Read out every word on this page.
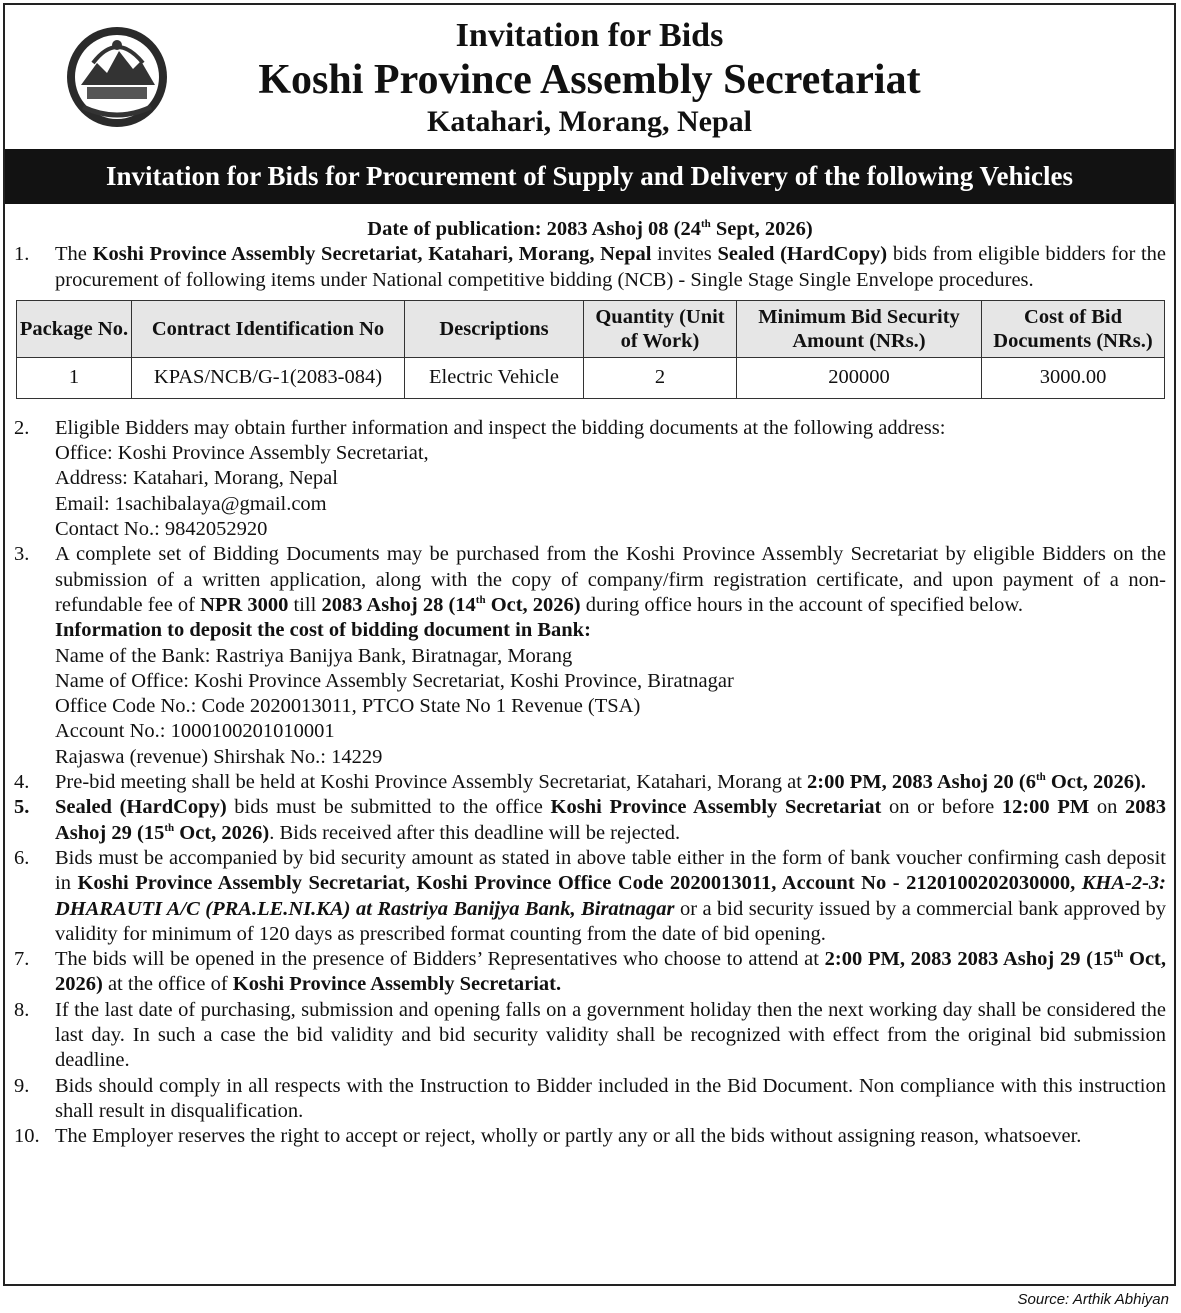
Invitation for Bids
Koshi Province Assembly Secretariat
Katahari, Morang, Nepal
Invitation for Bids for Procurement of Supply and Delivery of the following Vehicles
Date of publication: 2083 Ashoj 08 (24th Sept, 2026)
1.	The Koshi Province Assembly Secretariat, Katahari, Morang, Nepal invites Sealed (HardCopy) bids from eligible bidders for the procurement of following items under National competitive bidding (NCB) - Single Stage Single Envelope procedures.
Package No.	Contract Identification No	Descriptions	Quantity (Unit of Work)	Minimum Bid Security Amount (NRs.)	Cost of Bid Documents (NRs.)
1	KPAS/NCB/G-1(2083-084)	Electric Vehicle	2	200000	3000.00
2.	Eligible Bidders may obtain further information and inspect the bidding documents at the following address:
Office: Koshi Province Assembly Secretariat,
Address: Katahari, Morang, Nepal
Email: 1sachibalaya@gmail.com
Contact No.: 9842052920
3.	A complete set of Bidding Documents may be purchased from the Koshi Province Assembly Secretariat by eligible Bidders on the submission of a written application, along with the copy of company/firm registration certificate, and upon payment of a non-refundable fee of NPR 3000 till 2083 Ashoj 28 (14th Oct, 2026) during office hours in the account of specified below.
Information to deposit the cost of bidding document in Bank:
Name of the Bank: Rastriya Banijya Bank, Biratnagar, Morang
Name of Office: Koshi Province Assembly Secretariat, Koshi Province, Biratnagar
Office Code No.: Code 2020013011, PTCO State No 1 Revenue (TSA)
Account No.: 1000100201010001
Rajaswa (revenue) Shirshak No.: 14229
4.	Pre-bid meeting shall be held at Koshi Province Assembly Secretariat, Katahari, Morang at 2:00 PM, 2083 Ashoj 20 (6th Oct, 2026).
5.	Sealed (HardCopy) bids must be submitted to the office Koshi Province Assembly Secretariat on or before 12:00 PM on 2083 Ashoj 29 (15th Oct, 2026). Bids received after this deadline will be rejected.
6.	Bids must be accompanied by bid security amount as stated in above table either in the form of bank voucher confirming cash deposit in Koshi Province Assembly Secretariat, Koshi Province Office Code 2020013011, Account No - 2120100202030000, KHA-2-3: DHARAUTI A/C (PRA.LE.NI.KA) at Rastriya Banijya Bank, Biratnagar or a bid security issued by a commercial bank approved by validity for minimum of 120 days as prescribed format counting from the date of bid opening.
7.	The bids will be opened in the presence of Bidders’ Representatives who choose to attend at 2:00 PM, 2083 2083 Ashoj 29 (15th Oct, 2026) at the office of Koshi Province Assembly Secretariat.
8.	If the last date of purchasing, submission and opening falls on a government holiday then the next working day shall be considered the last day. In such a case the bid validity and bid security validity shall be recognized with effect from the original bid submission deadline.
9.	Bids should comply in all respects with the Instruction to Bidder included in the Bid Document. Non compliance with this instruction shall result in disqualification.
10. The Employer reserves the right to accept or reject, wholly or partly any or all the bids without assigning reason, whatsoever.
Source: Arthik Abhiyan
